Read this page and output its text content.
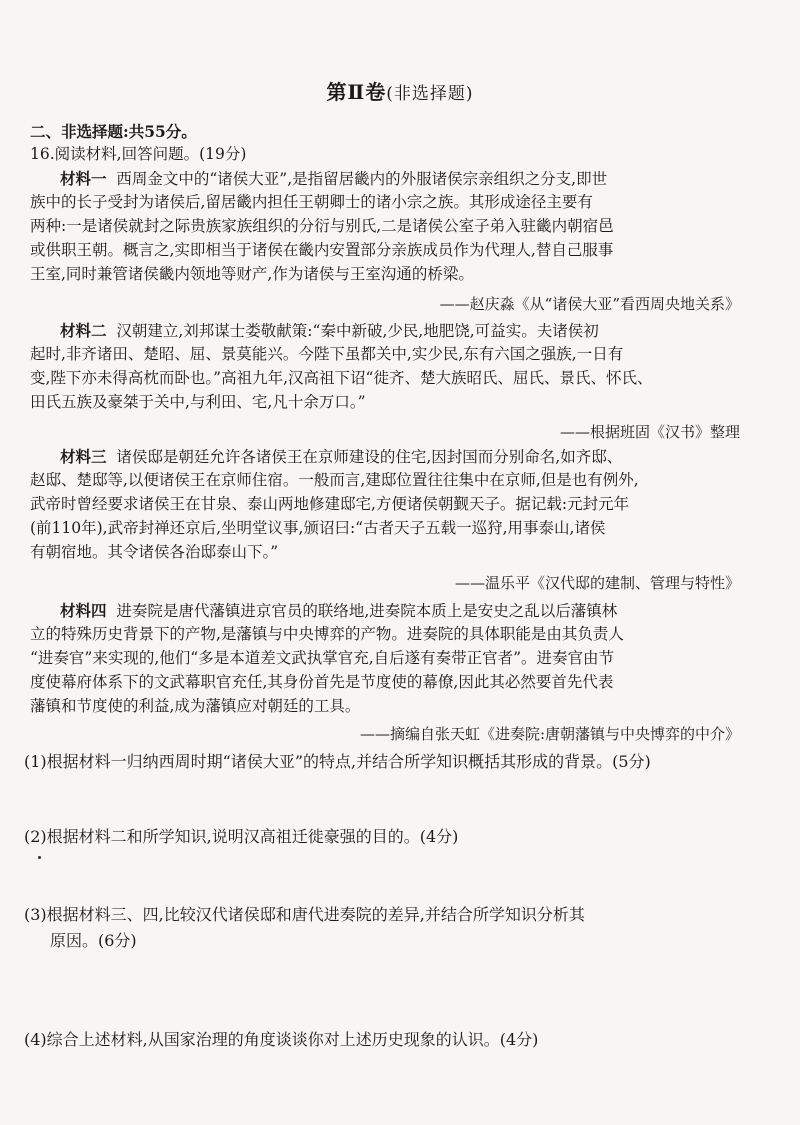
第Ⅱ卷(非选择题)
二、非选择题:共55分。
16.阅读材料,回答问题。(19分)
材料一 西周金文中的“诸侯大亚”,是指留居畿内的外服诸侯宗亲组织之分支,即世
族中的长子受封为诸侯后,留居畿内担任王朝卿士的诸小宗之族。其形成途径主要有
两种:一是诸侯就封之际贵族家族组织的分衍与别氏,二是诸侯公室子弟入驻畿内朝宿邑
或供职王朝。概言之,实即相当于诸侯在畿内安置部分亲族成员作为代理人,替自己服事
王室,同时兼管诸侯畿内领地等财产,作为诸侯与王室沟通的桥梁。
——赵庆淼《从“诸侯大亚”看西周央地关系》
材料二 汉朝建立,刘邦谋士娄敬献策:“秦中新破,少民,地肥饶,可益实。夫诸侯初
起时,非齐诸田、楚昭、屈、景莫能兴。今陛下虽都关中,实少民,东有六国之强族,一日有
变,陛下亦未得高枕而卧也。”高祖九年,汉高祖下诏“徙齐、楚大族昭氏、屈氏、景氏、怀氏、
田氏五族及豪桀于关中,与利田、宅,凡十余万口。”
——根据班固《汉书》整理
材料三 诸侯邸是朝廷允许各诸侯王在京师建设的住宅,因封国而分别命名,如齐邸、
赵邸、楚邸等,以便诸侯王在京师住宿。一般而言,建邸位置往往集中在京师,但是也有例外,
武帝时曾经要求诸侯王在甘泉、泰山两地修建邸宅,方便诸侯朝觐天子。据记载:元封元年
(前110年),武帝封禅还京后,坐明堂议事,颁诏曰:“古者天子五载一巡狩,用事泰山,诸侯
有朝宿地。其令诸侯各治邸泰山下。”
——温乐平《汉代邸的建制、管理与特性》
材料四 进奏院是唐代藩镇进京官员的联络地,进奏院本质上是安史之乱以后藩镇林
立的特殊历史背景下的产物,是藩镇与中央博弈的产物。进奏院的具体职能是由其负责人
“进奏官”来实现的,他们“多是本道差文武执掌官充,自后遂有奏带正官者”。进奏官由节
度使幕府体系下的文武幕职官充任,其身份首先是节度使的幕僚,因此其必然要首先代表
藩镇和节度使的利益,成为藩镇应对朝廷的工具。
——摘编自张天虹《进奏院:唐朝藩镇与中央博弈的中介》
(1)根据材料一归纳西周时期“诸侯大亚”的特点,并结合所学知识概括其形成的背景。(5分)
(2)根据材料二和所学知识,说明汉高祖迁徙豪强的目的。(4分)
(3)根据材料三、四,比较汉代诸侯邸和唐代进奏院的差异,并结合所学知识分析其
原因。(6分)
(4)综合上述材料,从国家治理的角度谈谈你对上述历史现象的认识。(4分)
